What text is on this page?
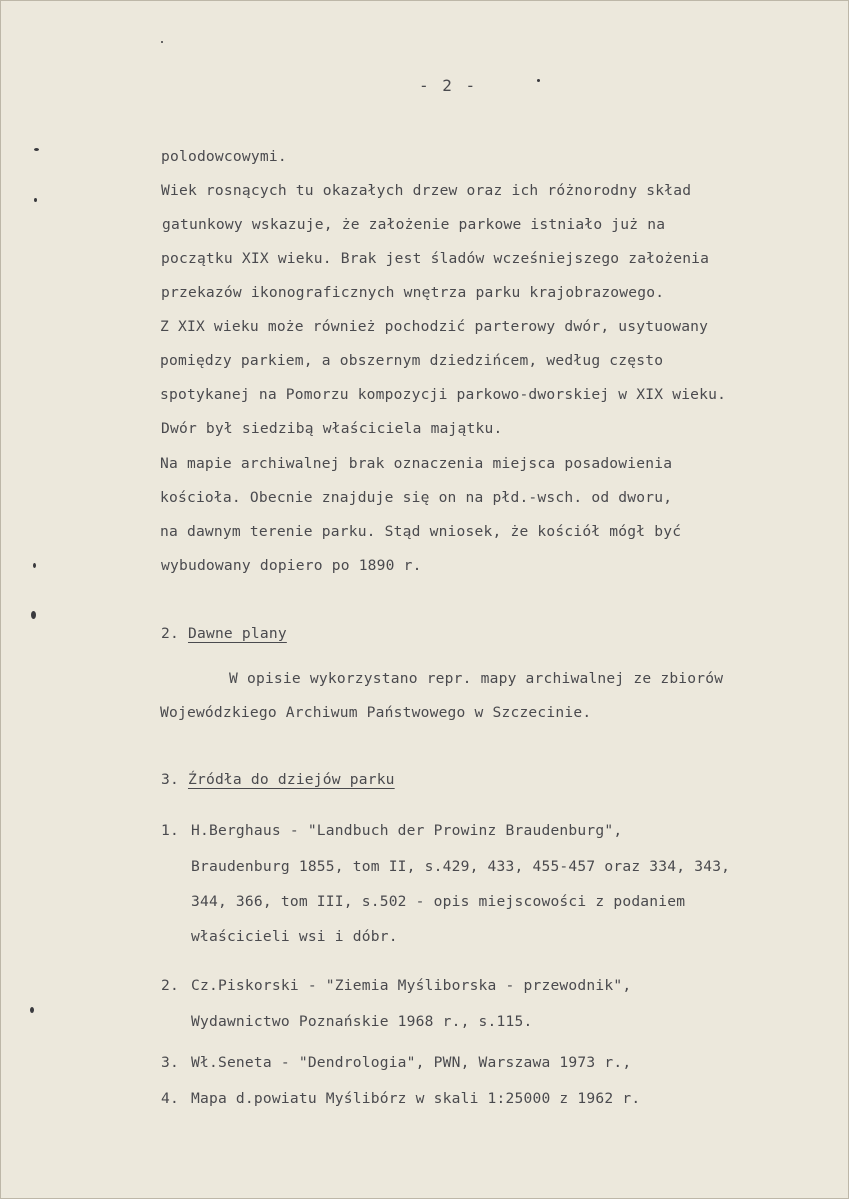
- 2 -
polodowcowymi.
Wiek rosnących tu okazałych drzew oraz ich różnorodny skład
gatunkowy wskazuje, że założenie parkowe istniało już na
początku XIX wieku. Brak jest śladów wcześniejszego założenia
przekazów ikonograficznych wnętrza parku krajobrazowego.
Z XIX wieku może również pochodzić parterowy dwór, usytuowany
pomiędzy parkiem, a obszernym dziedzińcem, według często
spotykanej na Pomorzu kompozycji parkowo-dworskiej w XIX wieku.
Dwór był siedzibą właściciela majątku.
Na mapie archiwalnej brak oznaczenia miejsca posadowienia
kościoła. Obecnie znajduje się on na płd.-wsch. od dworu,
na dawnym terenie parku. Stąd wniosek, że kościół mógł być
wybudowany dopiero po 1890 r.
2. Dawne plany
W opisie wykorzystano repr. mapy archiwalnej ze zbiorów
Wojewódzkiego Archiwum Państwowego w Szczecinie.
3. Źródła do dziejów parku
1. H.Berghaus - "Landbuch der Prowinz Braudenburg",
Braudenburg 1855, tom II, s.429, 433, 455-457 oraz 334, 343,
344, 366, tom III, s.502 - opis miejscowości z podaniem
właścicieli wsi i dóbr.
2. Cz.Piskorski - "Ziemia Myśliborska - przewodnik",
Wydawnictwo Poznańskie 1968 r., s.115.
3. Wł.Seneta - "Dendrologia", PWN, Warszawa 1973 r.,
4. Mapa d.powiatu Myślibórz w skali 1:25000 z 1962 r.
